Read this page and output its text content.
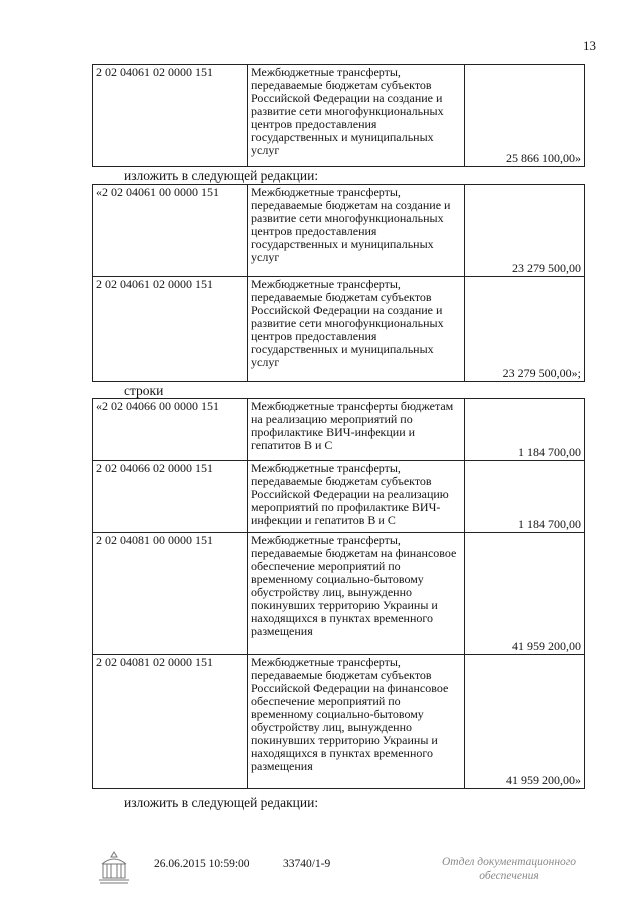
13
2 02 04061 02 0000 151	Межбюджетные трансферты, передаваемые бюджетам субъектов Российской Федерации на создание и развитие сети многофункциональных центров предоставления государственных и муниципальных услуг	25 866 100,00»
изложить в следующей редакции:
«2 02 04061 00 0000 151	Межбюджетные трансферты, передаваемые бюджетам на создание и развитие сети многофункциональных центров предоставления государственных и муниципальных услуг	23 279 500,00
2 02 04061 02 0000 151	Межбюджетные трансферты, передаваемые бюджетам субъектов Российской Федерации на создание и развитие сети многофункциональных центров предоставления государственных и муниципальных услуг	23 279 500,00»;
строки
«2 02 04066 00 0000 151	Межбюджетные трансферты бюджетам на реализацию мероприятий по профилактике ВИЧ-инфекции и гепатитов В и С	1 184 700,00
2 02 04066 02 0000 151	Межбюджетные трансферты, передаваемые бюджетам субъектов Российской Федерации на реализацию мероприятий по профилактике ВИЧ-инфекции и гепатитов В и С	1 184 700,00
2 02 04081 00 0000 151	Межбюджетные трансферты, передаваемые бюджетам на финансовое обеспечение мероприятий по временному социально-бытовому обустройству лиц, вынужденно покинувших территорию Украины и находящихся в пунктах временного размещения	41 959 200,00
2 02 04081 02 0000 151	Межбюджетные трансферты, передаваемые бюджетам субъектов Российской Федерации на финансовое обеспечение мероприятий по временному социально-бытовому обустройству лиц, вынужденно покинувших территорию Украины и находящихся в пунктах временного размещения	41 959 200,00»
изложить в следующей редакции:
26.06.2015 10:59:00	33740/1-9	Отдел документационного
обеспечения
